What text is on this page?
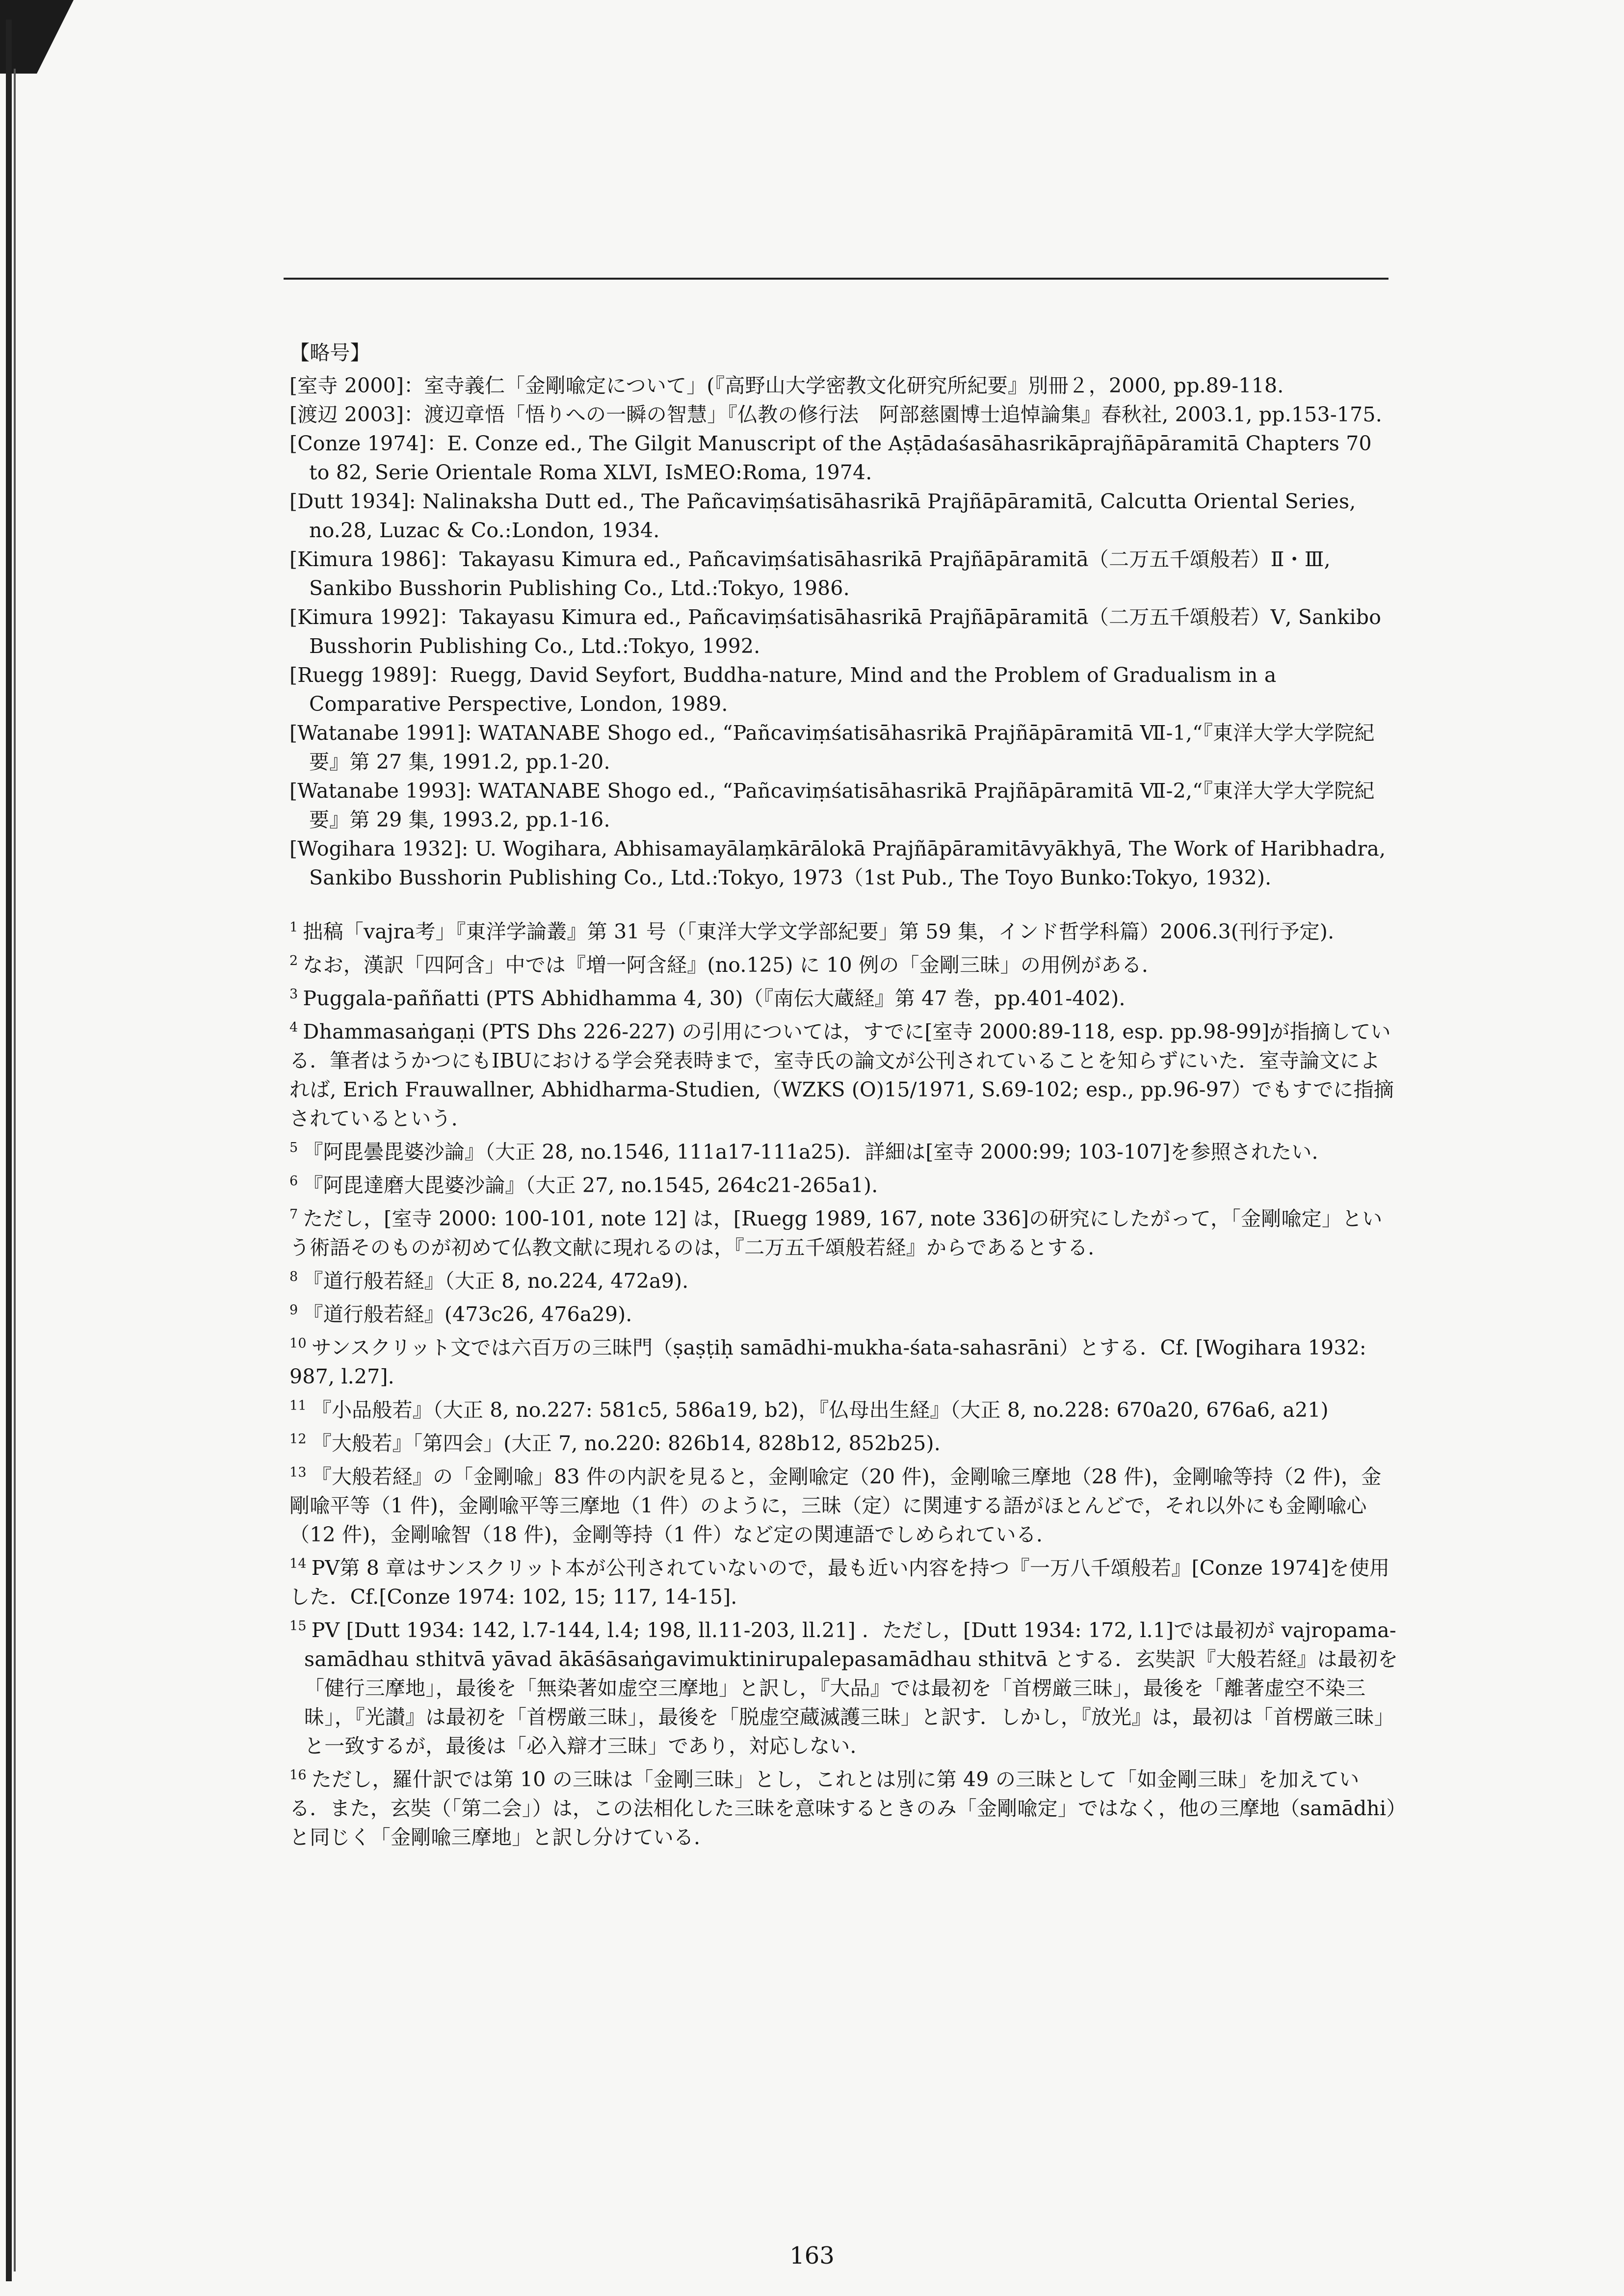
【略号】

[室寺 2000]：室寺義仁「金剛喩定について」(『高野山大学密教文化研究所紀要』別冊２，2000, pp.89-118.

[渡辺 2003]：渡辺章悟「悟りへの一瞬の智慧」『仏教の修行法　阿部慈園博士追悼論集』春秋社, 2003.1, pp.153-175.

[Conze 1974]：E. Conze ed., The Gilgit Manuscript of the Aṣṭādaśasāhasrikāprajñāpāramitā Chapters 70 to 82, Serie Orientale Roma XLVI, IsMEO:Roma, 1974.

[Dutt 1934]: Nalinaksha Dutt ed., The Pañcaviṃśatisāhasrikā Prajñāpāramitā, Calcutta Oriental Series, no.28, Luzac & Co.:London, 1934.

[Kimura 1986]：Takayasu Kimura ed., Pañcaviṃśatisāhasrikā Prajñāpāramitā（二万五千頌般若）Ⅱ・Ⅲ, Sankibo Busshorin Publishing Co., Ltd.:Tokyo, 1986.

[Kimura 1992]：Takayasu Kimura ed., Pañcaviṃśatisāhasrikā Prajñāpāramitā（二万五千頌般若）Ⅴ, Sankibo Busshorin Publishing Co., Ltd.:Tokyo, 1992.

[Ruegg 1989]：Ruegg, David Seyfort, Buddha-nature, Mind and the Problem of Gradualism in a Comparative Perspective, London, 1989.

[Watanabe 1991]: WATANABE Shogo ed., “Pañcaviṃśatisāhasrikā Prajñāpāramitā Ⅶ-1,“『東洋大学大学院紀要』第 27 集, 1991.2, pp.1-20.

[Watanabe 1993]: WATANABE Shogo ed., “Pañcaviṃśatisāhasrikā Prajñāpāramitā Ⅶ-2,“『東洋大学大学院紀要』第 29 集, 1993.2, pp.1-16.

[Wogihara 1932]: U. Wogihara, Abhisamayālaṃkārālokā Prajñāpāramitāvyākhyā, The Work of Haribhadra, Sankibo Busshorin Publishing Co., Ltd.:Tokyo, 1973（1st Pub., The Toyo Bunko:Tokyo, 1932).

$^1$ 拙稿「vajra考」『東洋学論叢』第 31 号（「東洋大学文学部紀要」第 59 集，インド哲学科篇）2006.3(刊行予定).

$^2$ なお，漢訳「四阿含」中では『増一阿含経』(no.125) に 10 例の「金剛三昧」の用例がある.

$^3$ Puggala-paññatti (PTS Abhidhamma 4, 30)（『南伝大蔵経』第 47 巻，pp.401-402).

$^4$ Dhammasaṅgaṇi (PTS Dhs 226-227) の引用については，すでに[室寺 2000:89-118, esp. pp.98-99]が指摘している．筆者はうかつにもIBUにおける学会発表時まで，室寺氏の論文が公刊されていることを知らずにいた．室寺論文によれば, Erich Frauwallner, Abhidharma-Studien,（WZKS (O)15/1971, S.69-102; esp., pp.96-97）でもすでに指摘されているという.

$^5$ 『阿毘曇毘婆沙論』（大正 28, no.1546, 111a17-111a25)．詳細は[室寺 2000:99; 103-107]を参照されたい.

$^6$ 『阿毘達磨大毘婆沙論』（大正 27, no.1545, 264c21-265a1).

$^7$ ただし，[室寺 2000: 100-101, note 12] は，[Ruegg 1989, 167, note 336]の研究にしたがって，「金剛喩定」という術語そのものが初めて仏教文献に現れるのは，『二万五千頌般若経』からであるとする.

$^8$ 『道行般若経』（大正 8, no.224, 472a9).

$^9$ 『道行般若経』(473c26, 476a29).

$^{10}$ サンスクリット文では六百万の三昧門（ṣaṣṭiḥ samādhi-mukha-śata-sahasrāni）とする．Cf. [Wogihara 1932: 987, l.27].

$^{11}$ 『小品般若』（大正 8, no.227: 581c5, 586a19, b2)，『仏母出生経』（大正 8, no.228: 670a20, 676a6, a21)

$^{12}$ 『大般若』「第四会」(大正 7, no.220: 826b14, 828b12, 852b25).

$^{13}$ 『大般若経』の「金剛喩」83 件の内訳を見ると，金剛喩定（20 件)，金剛喩三摩地（28 件)，金剛喩等持（2 件)，金剛喩平等（1 件)，金剛喩平等三摩地（1 件）のように，三昧（定）に関連する語がほとんどで，それ以外にも金剛喩心（12 件)，金剛喩智（18 件)，金剛等持（1 件）など定の関連語でしめられている.

$^{14}$ PV第 8 章はサンスクリット本が公刊されていないので，最も近い内容を持つ『一万八千頌般若』[Conze 1974]を使用した．Cf.[Conze 1974: 102, 15; 117, 14-15].

$^{15}$ PV [Dutt 1934: 142, l.7-144, l.4; 198, ll.11-203, ll.21] ．ただし，[Dutt 1934: 172, l.1]では最初が vajropama-samādhau sthitvā yāvad ākāśāsaṅgavimuktinirupalepasamādhau sthitvā とする．玄奘訳『大般若経』は最初を「健行三摩地」，最後を「無染著如虚空三摩地」と訳し，『大品』では最初を「首楞厳三昧」，最後を「離著虚空不染三昧」，『光讃』は最初を「首楞厳三昧」，最後を「脱虚空蔵滅護三昧」と訳す．しかし，『放光』は，最初は「首楞厳三昧」と一致するが，最後は「必入辯才三昧」であり，対応しない.

$^{16}$ ただし，羅什訳では第 10 の三昧は「金剛三昧」とし，これとは別に第 49 の三昧として「如金剛三昧」を加えている．また，玄奘（「第二会」）は，この法相化した三昧を意味するときのみ「金剛喩定」ではなく，他の三摩地（samādhi）と同じく「金剛喩三摩地」と訳し分けている.

163
